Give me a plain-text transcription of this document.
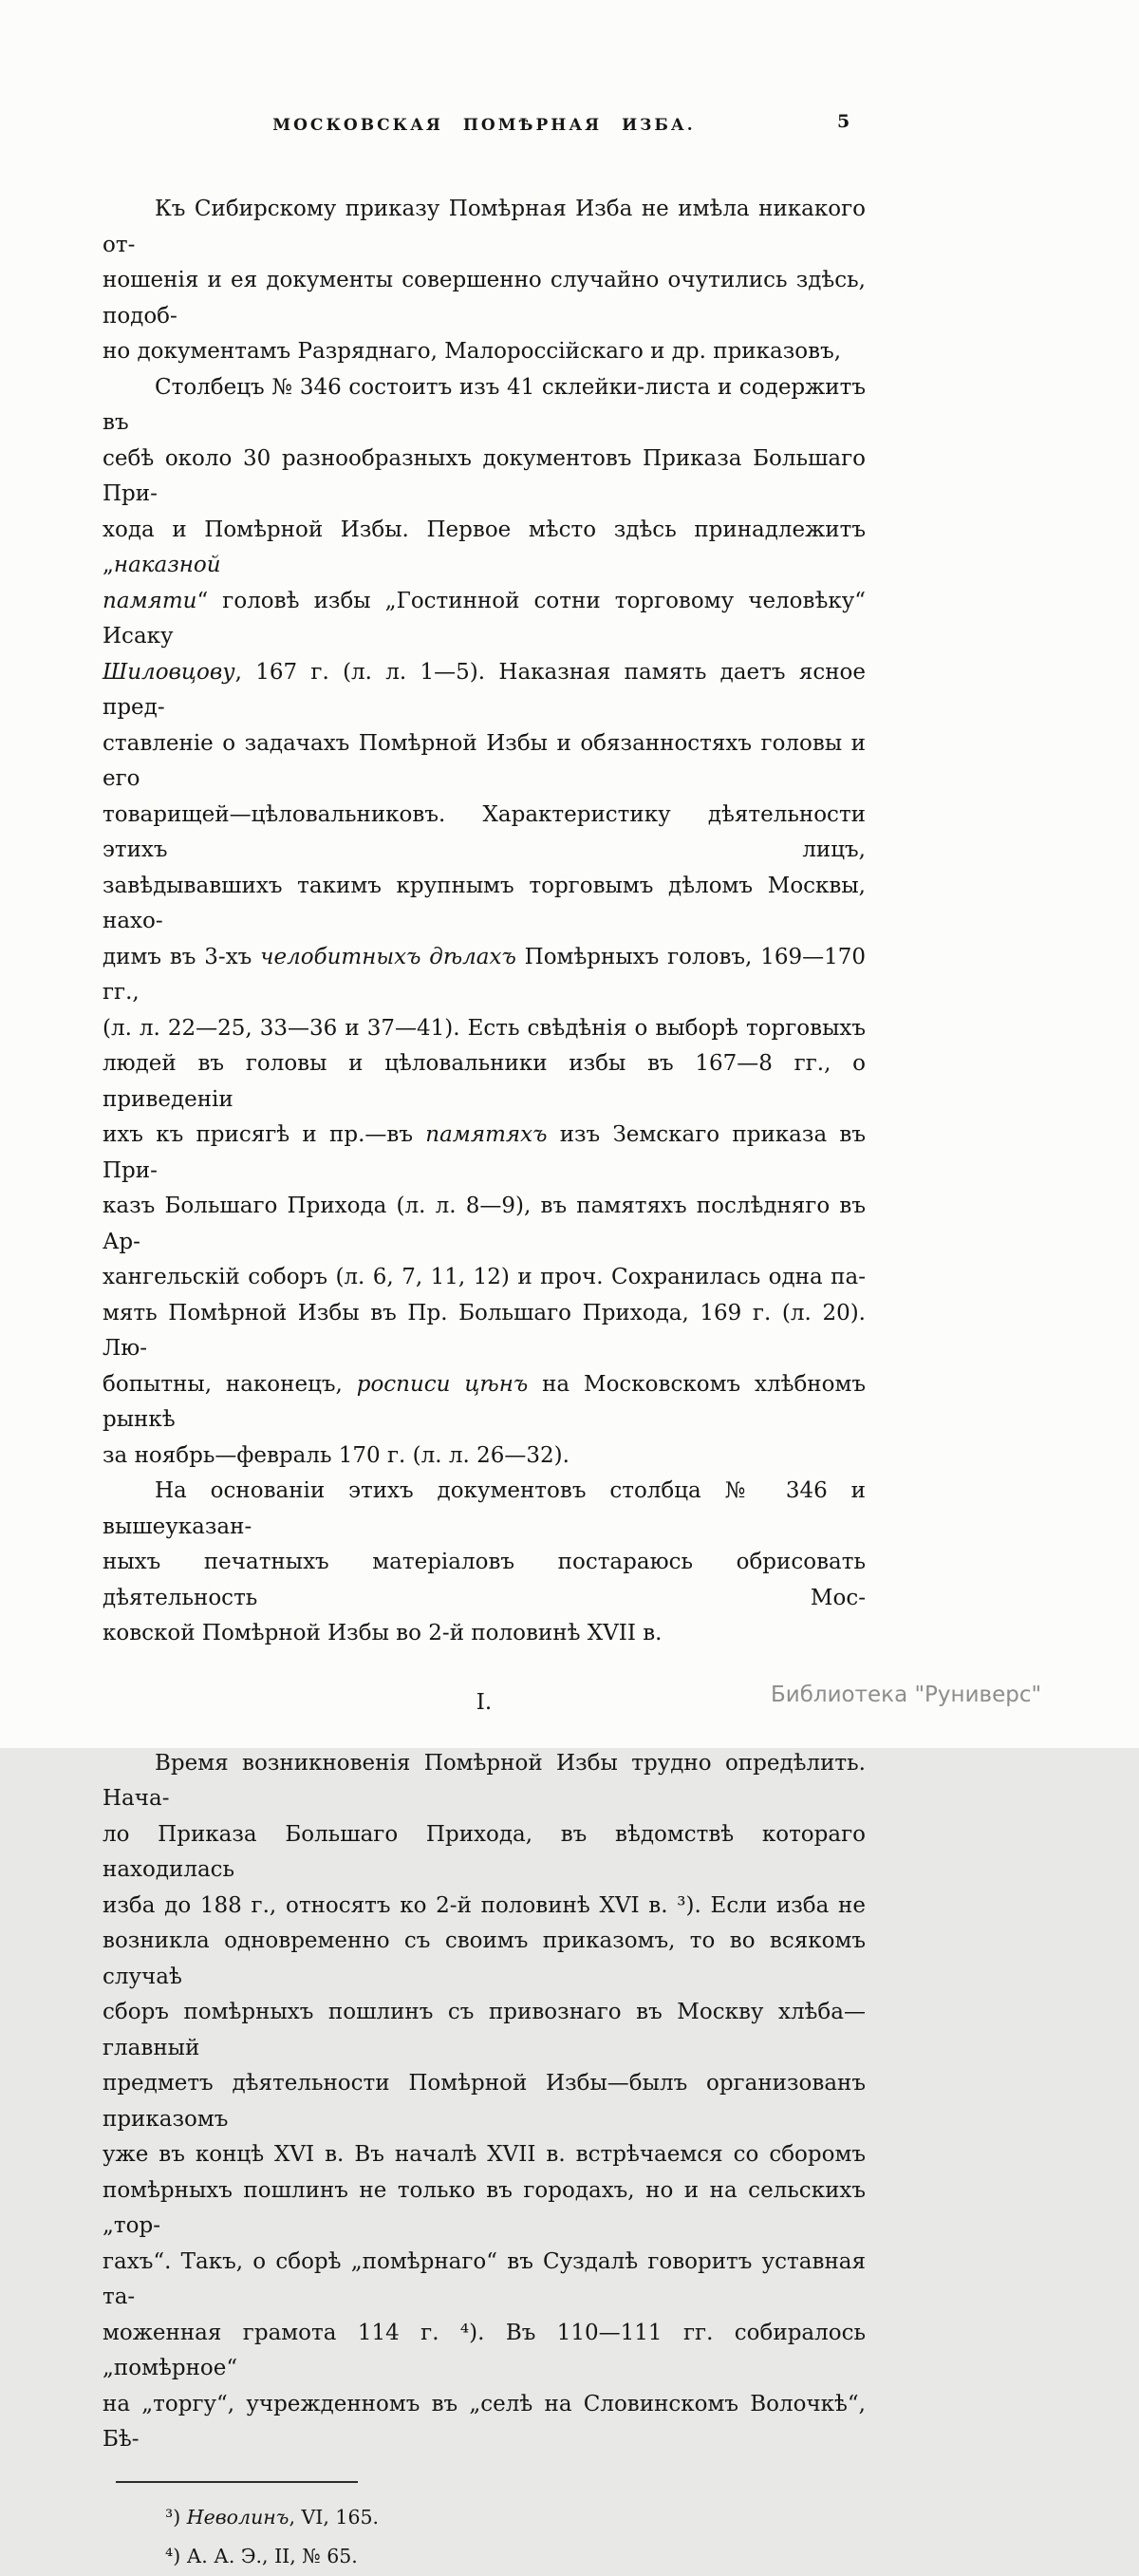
МОСКОВСКАЯ ПОМѢРНАЯ ИЗБА.	5
Къ Сибирскому приказу Помѣрная Изба не имѣла никакого от-
ношенія и ея документы совершенно случайно очутились здѣсь, подоб-
но документамъ Разряднаго, Малороссійскаго и др. приказовъ,
Столбецъ № 346 состоитъ изъ 41 склейки-листа и содержитъ въ
себѣ около 30 разнообразныхъ документовъ Приказа Большаго При-
хода и Помѣрной Избы. Первое мѣсто здѣсь принадлежитъ „наказной
памяти“ головѣ избы „Гостинной сотни торговому человѣку“ Исаку
Шиловцову, 167 г. (л. л. 1—5). Наказная память даетъ ясное пред-
ставленіе о задачахъ Помѣрной Избы и обязанностяхъ головы и его
товарищей—цѣловальниковъ. Характеристику дѣятельности этихъ лицъ,
завѣдывавшихъ такимъ крупнымъ торговымъ дѣломъ Москвы, нахо-
димъ въ 3-хъ челобитныхъ дѣлахъ Помѣрныхъ головъ, 169—170 гг.,
(л. л. 22—25, 33—36 и 37—41). Есть свѣдѣнія о выборѣ торговыхъ
людей въ головы и цѣловальники избы въ 167—8 гг., о приведеніи
ихъ къ присягѣ и пр.—въ памятяхъ изъ Земскаго приказа въ При-
казъ Большаго Прихода (л. л. 8—9), въ памятяхъ послѣдняго въ Ар-
хангельскій соборъ (л. 6, 7, 11, 12) и проч. Сохранилась одна па-
мять Помѣрной Избы въ Пр. Большаго Прихода, 169 г. (л. 20). Лю-
бопытны, наконецъ, росписи цѣнъ на Московскомъ хлѣбномъ рынкѣ
за ноябрь—февраль 170 г. (л. л. 26—32).
На основаніи этихъ документовъ столбца № 346 и вышеуказан-
ныхъ печатныхъ матеріаловъ постараюсь обрисовать дѣятельность Мос-
ковской Помѣрной Избы во 2-й половинѣ XVII в.
I.
Время возникновенія Помѣрной Избы трудно опредѣлить. Нача-
ло Приказа Большаго Прихода, въ вѣдомствѣ котораго находилась
изба до 188 г., относятъ ко 2-й половинѣ XVI в. ³). Если изба не
возникла одновременно съ своимъ приказомъ, то во всякомъ случаѣ
сборъ помѣрныхъ пошлинъ съ привознаго въ Москву хлѣба—главный
предметъ дѣятельности Помѣрной Избы—былъ организованъ приказомъ
уже въ концѣ XVI в. Въ началѣ XVII в. встрѣчаемся со сборомъ
помѣрныхъ пошлинъ не только въ городахъ, но и на сельскихъ „тор-
гахъ“. Такъ, о сборѣ „помѣрнаго“ въ Суздалѣ говоритъ уставная та-
моженная грамота 114 г. ⁴). Въ 110—111 гг. собиралось „помѣрное“
на „торгу“, учрежденномъ въ „селѣ на Словинскомъ Волочкѣ“, Бѣ-
³) Неволинъ, VI, 165.
⁴) А. А. Э., II, № 65.
Библиотека "Руниверс"
